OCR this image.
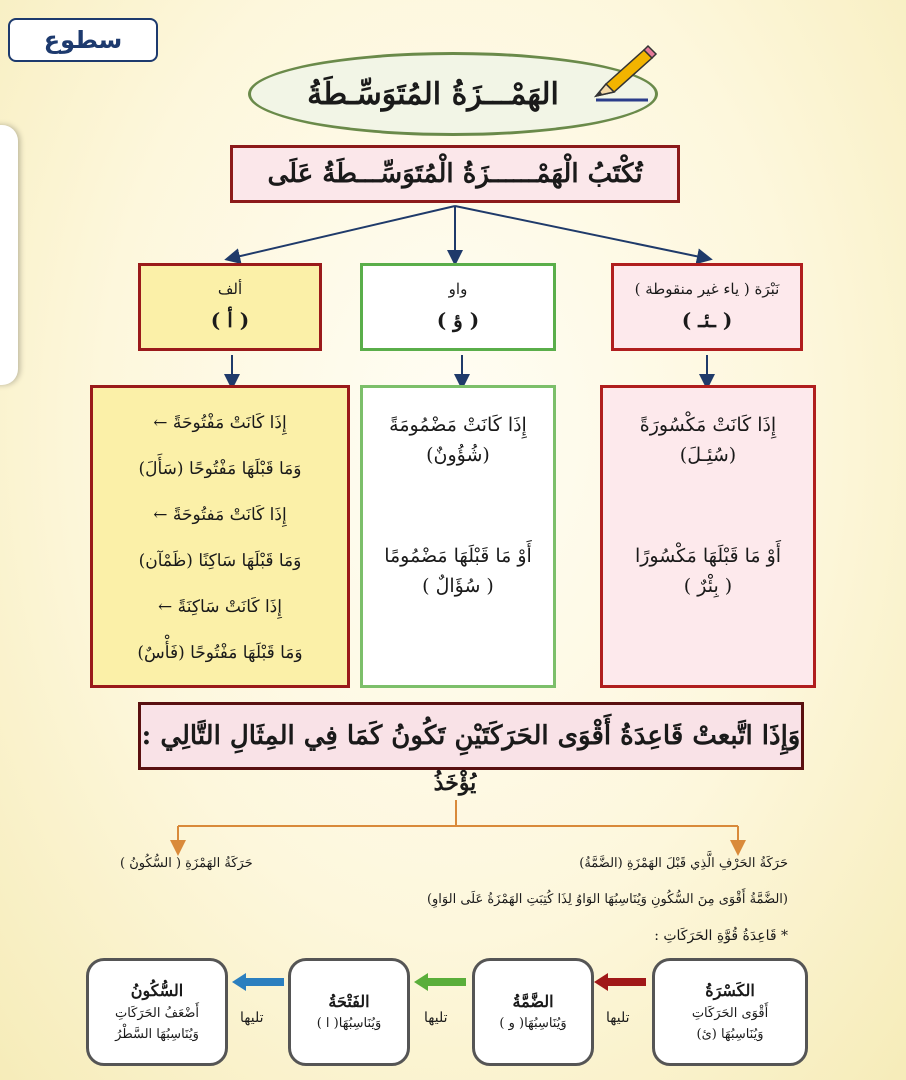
سطوع
الهَمْـــزَةُ المُتَوَسِّـطَةُ
تُكْتَبُ الْهَمْــــــزَةُ الْمُتَوَسِّـــطَةُ عَلَى
ألف
( أ )
واو
( ؤ )
نَبْرَة ( ياء غير منقوطة )
( ـئـ )
إِذَا كَانَتْ مَفْتُوحَةً ←
وَمَا قَبْلَهَا مَفْتُوحًا (سَأَلَ)
إِذَا كَانَتْ مَفتُوحَةً ←
وَمَا قَبْلَهَا سَاكِنًا (ظَمْآن)
إِذَا كَانَتْ سَاكِنَةً ←
وَمَا قَبْلَهَا مَفْتُوحًا (فَأْسٌ)
إِذَا كَانَتْ مَضْمُومَةً
(شُؤُونٌ)
أَوْ مَا قَبْلَهَا مَضْمُومًا
( سُؤَالٌ )
إِذَا كَانَتْ مَكْسُورَةً
(سُئِـلَ)
أَوْ مَا قَبْلَهَا مَكْسُورًا
( بِئْرٌ )
وَإِذَا اتَّبعتْ قَاعِدَةُ أَقْوَى الحَرَكَتَيْنِ تَكُونُ كَمَا فِي المِثَالِ التَّالِي :
يُؤْخَذُ
حَرَكَةُ الحَرْفِ الَّذِي قَبْلَ الهَمْزَةِ (الضَّمَّةُ)
حَرَكَةُ الهَمْزَةِ ( السُّكُونُ )
(الضَّمَّةُ أَقْوَى مِنَ السُّكُونِ وَيُنَاسِبُهَا الوَاوُ لِذَا كُتِبَتِ الهَمْزَةُ عَلَى الوَاوِ)
* قَاعِدَةُ قُوَّةِ الحَرَكَاتِ :
الكَسْرَةُ
أَقْوَى الحَرَكَاتِ
وَيُنَاسِبُهَا (ئ)
الضَّمَّةُ
وَيُنَاسِبُهَا( و )
الفَتْحَةُ
وَيُنَاسِبُهَا( ا )
السُّكُونُ
أَضْعَفُ الحَرَكَاتِ
وَيُنَاسِبُهَا السَّطْرُ
تليها
تليها
تليها
